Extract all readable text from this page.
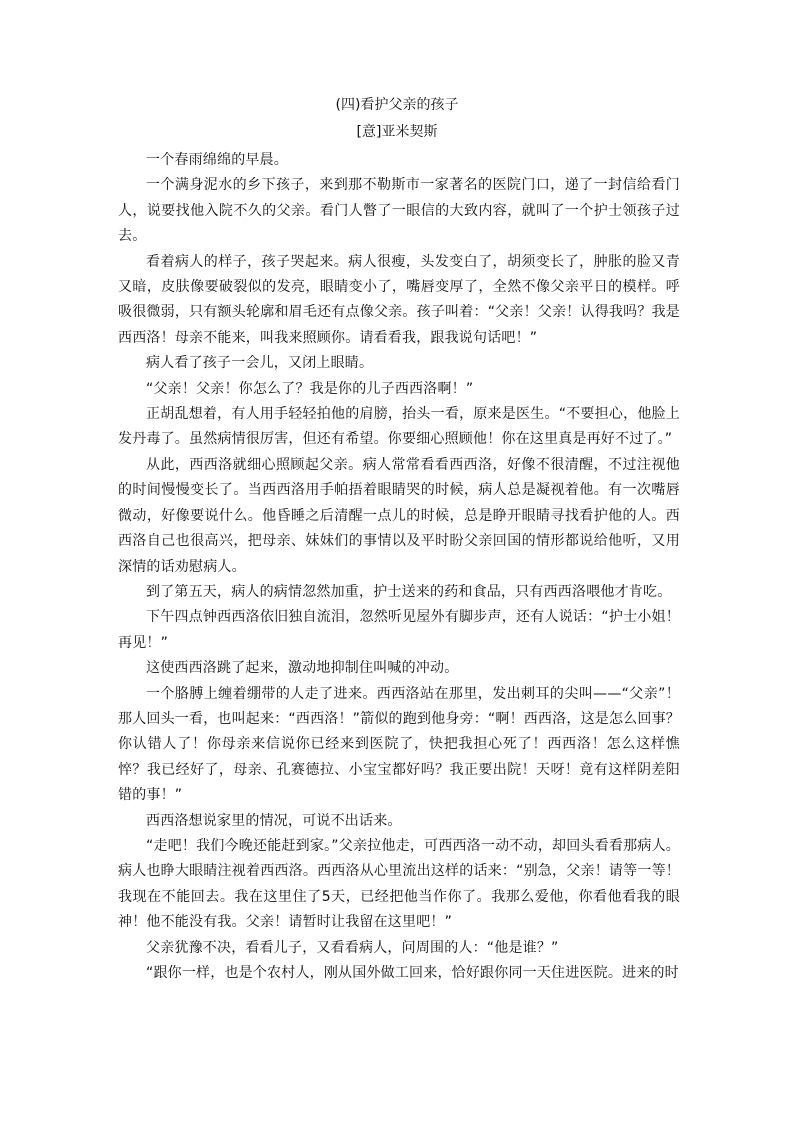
(四)看护父亲的孩子
[意]亚米契斯

一个春雨绵绵的早晨。

一个满身泥水的乡下孩子，来到那不勒斯市一家著名的医院门口，递了一封信给看门人，说要找他入院不久的父亲。看门人瞥了一眼信的大致内容，就叫了一个护士领孩子过去。

看着病人的样子，孩子哭起来。病人很瘦，头发变白了，胡须变长了，肿胀的脸又青又暗，皮肤像要破裂似的发亮，眼睛变小了，嘴唇变厚了，全然不像父亲平日的模样。呼吸很微弱，只有额头轮廓和眉毛还有点像父亲。孩子叫着：“父亲！父亲！认得我吗？我是西西洛！母亲不能来，叫我来照顾你。请看看我，跟我说句话吧！”

病人看了孩子一会儿，又闭上眼睛。

“父亲！父亲！你怎么了？我是你的儿子西西洛啊！”

正胡乱想着，有人用手轻轻拍他的肩膀，抬头一看，原来是医生。“不要担心，他脸上发丹毒了。虽然病情很厉害，但还有希望。你要细心照顾他！你在这里真是再好不过了。”

从此，西西洛就细心照顾起父亲。病人常常看看西西洛，好像不很清醒，不过注视他的时间慢慢变长了。当西西洛用手帕捂着眼睛哭的时候，病人总是凝视着他。有一次嘴唇微动，好像要说什么。他昏睡之后清醒一点儿的时候，总是睁开眼睛寻找看护他的人。西西洛自己也很高兴，把母亲、妹妹们的事情以及平时盼父亲回国的情形都说给他听，又用深情的话劝慰病人。

到了第五天，病人的病情忽然加重，护士送来的药和食品，只有西西洛喂他才肯吃。

下午四点钟西西洛依旧独自流泪，忽然听见屋外有脚步声，还有人说话：“护士小姐！再见！”

这使西西洛跳了起来，激动地抑制住叫喊的冲动。

一个胳膊上缠着绷带的人走了进来。西西洛站在那里，发出刺耳的尖叫——“父亲”！那人回头一看，也叫起来：“西西洛！”箭似的跑到他身旁：“啊！西西洛，这是怎么回事？你认错人了！你母亲来信说你已经来到医院了，快把我担心死了！西西洛！怎么这样憔悴？我已经好了，母亲、孔赛德拉、小宝宝都好吗？我正要出院！天呀！竟有这样阴差阳错的事！”

西西洛想说家里的情况，可说不出话来。

“走吧！我们今晚还能赶到家。”父亲拉他走，可西西洛一动不动，却回头看看那病人。病人也睁大眼睛注视着西西洛。西西洛从心里流出这样的话来：“别急，父亲！请等一等！我现在不能回去。我在这里住了5天，已经把他当作你了。我那么爱他，你看他看我的眼神！他不能没有我。父亲！请暂时让我留在这里吧！”

父亲犹豫不决，看看儿子，又看看病人，问周围的人：“他是谁？”

“跟你一样，也是个农村人，刚从国外做工回来，恰好跟你同一天住进医院。进来的时
